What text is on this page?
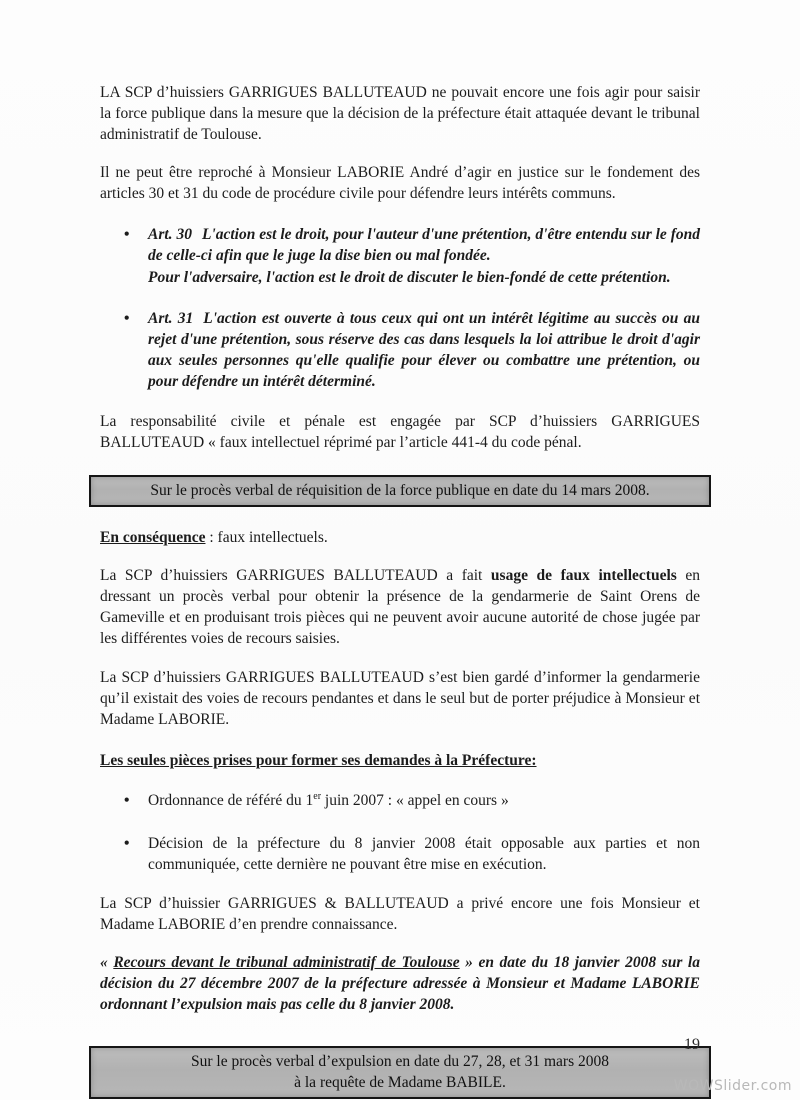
LA SCP d’huissiers GARRIGUES BALLUTEAUD ne pouvait encore une fois agir pour saisir la force publique dans la mesure que la décision de la préfecture était attaquée devant le tribunal administratif de Toulouse.

Il ne peut être reproché à Monsieur LABORIE André d’agir en justice sur le fondement des articles 30 et 31 du code de procédure civile pour défendre leurs intérêts communs.

• Art. 30 L'action est le droit, pour l'auteur d'une prétention, d'être entendu sur le fond de celle-ci afin que le juge la dise bien ou mal fondée.
Pour l'adversaire, l'action est le droit de discuter le bien-fondé de cette prétention.
• Art. 31 L'action est ouverte à tous ceux qui ont un intérêt légitime au succès ou au rejet d'une prétention, sous réserve des cas dans lesquels la loi attribue le droit d'agir aux seules personnes qu'elle qualifie pour élever ou combattre une prétention, ou pour défendre un intérêt déterminé.

La responsabilité civile et pénale est engagée par SCP d’huissiers GARRIGUES BALLUTEAUD « faux intellectuel réprimé par l’article 441-4 du code pénal.

Sur le procès verbal de réquisition de la force publique en date du 14 mars 2008.

En conséquence : faux intellectuels.

La SCP d’huissiers GARRIGUES BALLUTEAUD a fait usage de faux intellectuels en dressant un procès verbal pour obtenir la présence de la gendarmerie de Saint Orens de Gameville et en produisant trois pièces qui ne peuvent avoir aucune autorité de chose jugée par les différentes voies de recours saisies.

La SCP d’huissiers GARRIGUES BALLUTEAUD s’est bien gardé d’informer la gendarmerie qu’il existait des voies de recours pendantes et dans le seul but de porter préjudice à Monsieur et Madame LABORIE.

Les seules pièces prises pour former ses demandes à la Préfecture:

• Ordonnance de référé du 1er juin 2007 : « appel en cours »
• Décision de la préfecture du 8 janvier 2008 était opposable aux parties et non communiquée, cette dernière ne pouvant être mise en exécution.

La SCP d’huissier GARRIGUES & BALLUTEAUD a privé encore une fois Monsieur et Madame LABORIE d’en prendre connaissance.

« Recours devant le tribunal administratif de Toulouse » en date du 18 janvier 2008 sur la décision du 27 décembre 2007 de la préfecture adressée à Monsieur et Madame LABORIE ordonnant l’expulsion mais pas celle du 8 janvier 2008.

Sur le procès verbal d’expulsion en date du 27, 28, et 31 mars 2008
à la requête de Madame BABILE.
19
WOWSlider.com
